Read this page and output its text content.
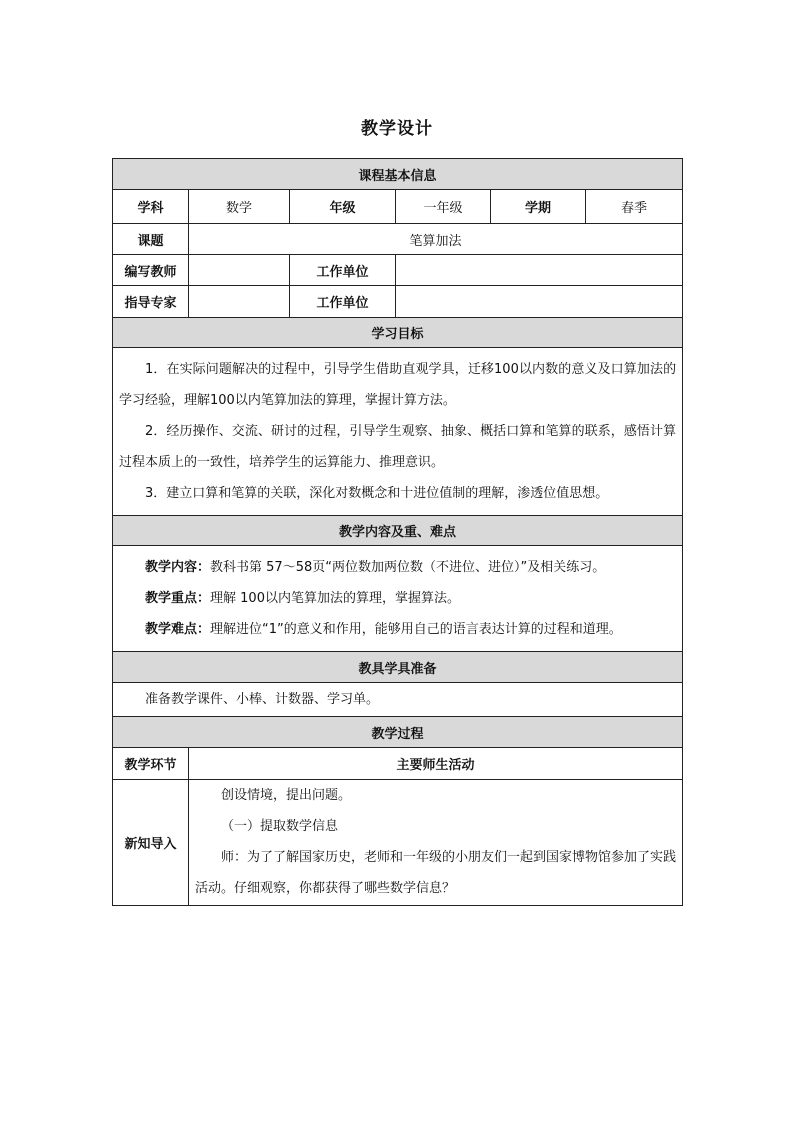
教学设计
课程基本信息					
学科	数学	年级	一年级	学期	春季
课题	笔算加法				
编写教师		工作单位			
指导专家		工作单位			
学习目标					

1．在实际问题解决的过程中，引导学生借助直观学具，迁移100以内数的意义及口算加法的学习经验，理解100以内笔算加法的算理，掌握计算方法。

2．经历操作、交流、研讨的过程，引导学生观察、抽象、概括口算和笔算的联系，感悟计算过程本质上的一致性，培养学生的运算能力、推理意识。

3．建立口算和笔算的关联，深化对数概念和十进位值制的理解，渗透位值思想。					

教学内容及重、难点					

教学内容：教科书第 57～58页“两位数加两位数（不进位、进位）”及相关练习。

教学重点：理解 100以内笔算加法的算理，掌握算法。

教学难点：理解进位“1”的意义和作用，能够用自己的语言表达计算的过程和道理。					

教具学具准备					

准备教学课件、小棒、计数器、学习单。					

教学过程					
教学环节	主要师生活动				
新知导入	创设情境，提出问题。

（一）提取数学信息

师：为了了解国家历史，老师和一年级的小朋友们一起到国家博物馆参加了实践活动。仔细观察，你都获得了哪些数学信息？				
